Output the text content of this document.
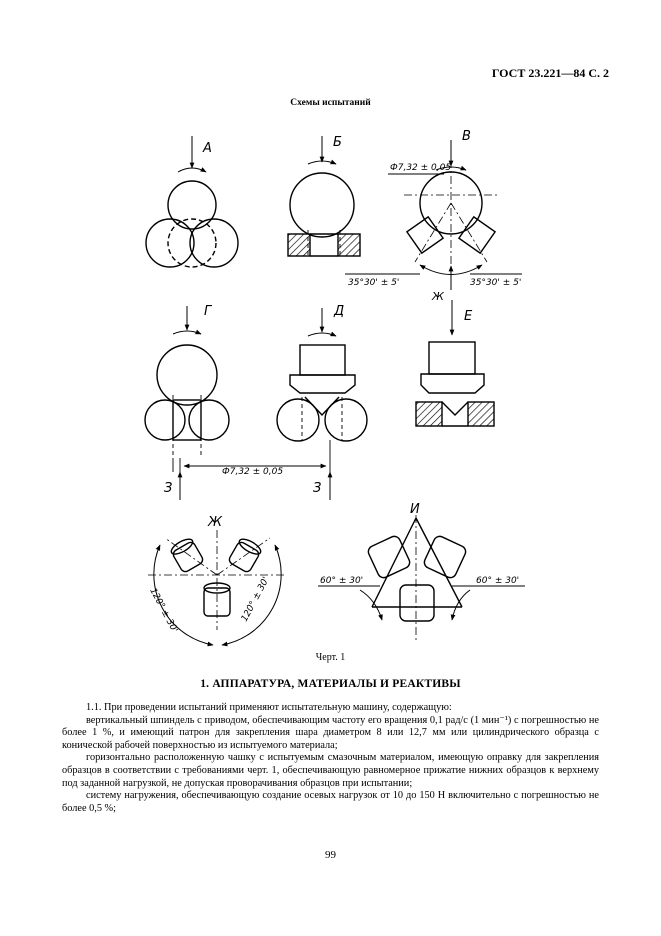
ГОСТ 23.221—84 С. 2
Схемы испытаний
А	Б	В
Ф7,32 ± 0,05
35°30' ± 5'	35°30' ± 5'
Ж
Г	Д	Е
Ф7,32 ± 0,05
З	З
Ж
И
120° ± 30'	120° ± 30'	60° ± 30'	60° ± 30'
Черт. 1
1. АППАРАТУРА, МАТЕРИАЛЫ И РЕАКТИВЫ

1.1. При проведении испытаний применяют испытательную машину, содержащую:

вертикальный шпиндель с приводом, обеспечивающим частоту его вращения 0,1 рад/с (1 мин⁻¹) с погрешностью не более 1 %, и имеющий патрон для закрепления шара диаметром 8 или 12,7 мм или цилиндрического образца с конической рабочей поверхностью из испытуемого материала;

горизонтально расположенную чашку с испытуемым смазочным материалом, имеющую оправку для закрепления образцов в соответствии с требованиями черт. 1, обеспечивающую равномерное прижатие нижних образцов к верхнему под заданной нагрузкой, не допуская проворачивания образцов при испытании;

систему нагружения, обеспечивающую создание осевых нагрузок от 10 до 150 Н включительно с погрешностью не более 0,5 %;

99
